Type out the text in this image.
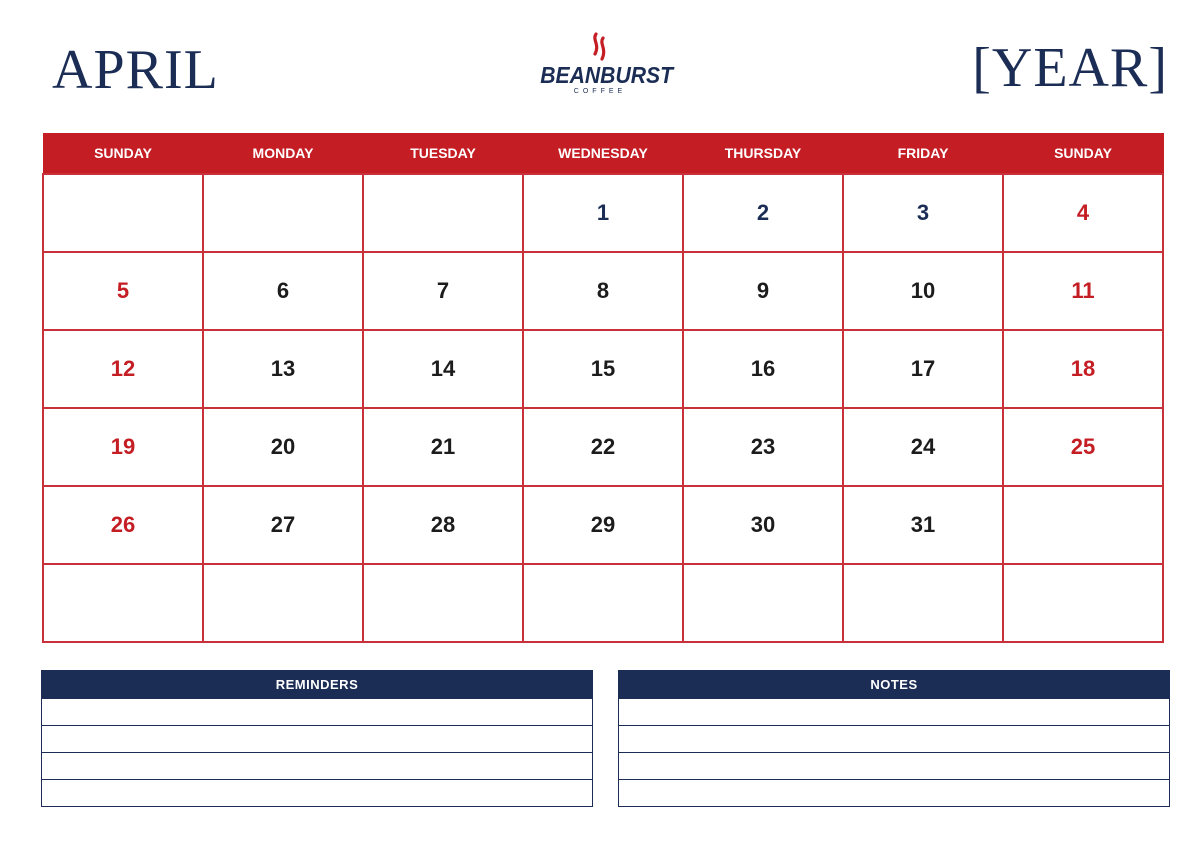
APRIL	BEANBURST
COFFEE	[YEAR]
SUNDAY	MONDAY	TUESDAY	WEDNESDAY	THURSDAY	FRIDAY	SUNDAY
			1	2	3	4
5	6	7	8	9	10	11
12	13	14	15	16	17	18
19	20	21	22	23	24	25
26	27	28	29	30	31	

REMINDERS	NOTES
